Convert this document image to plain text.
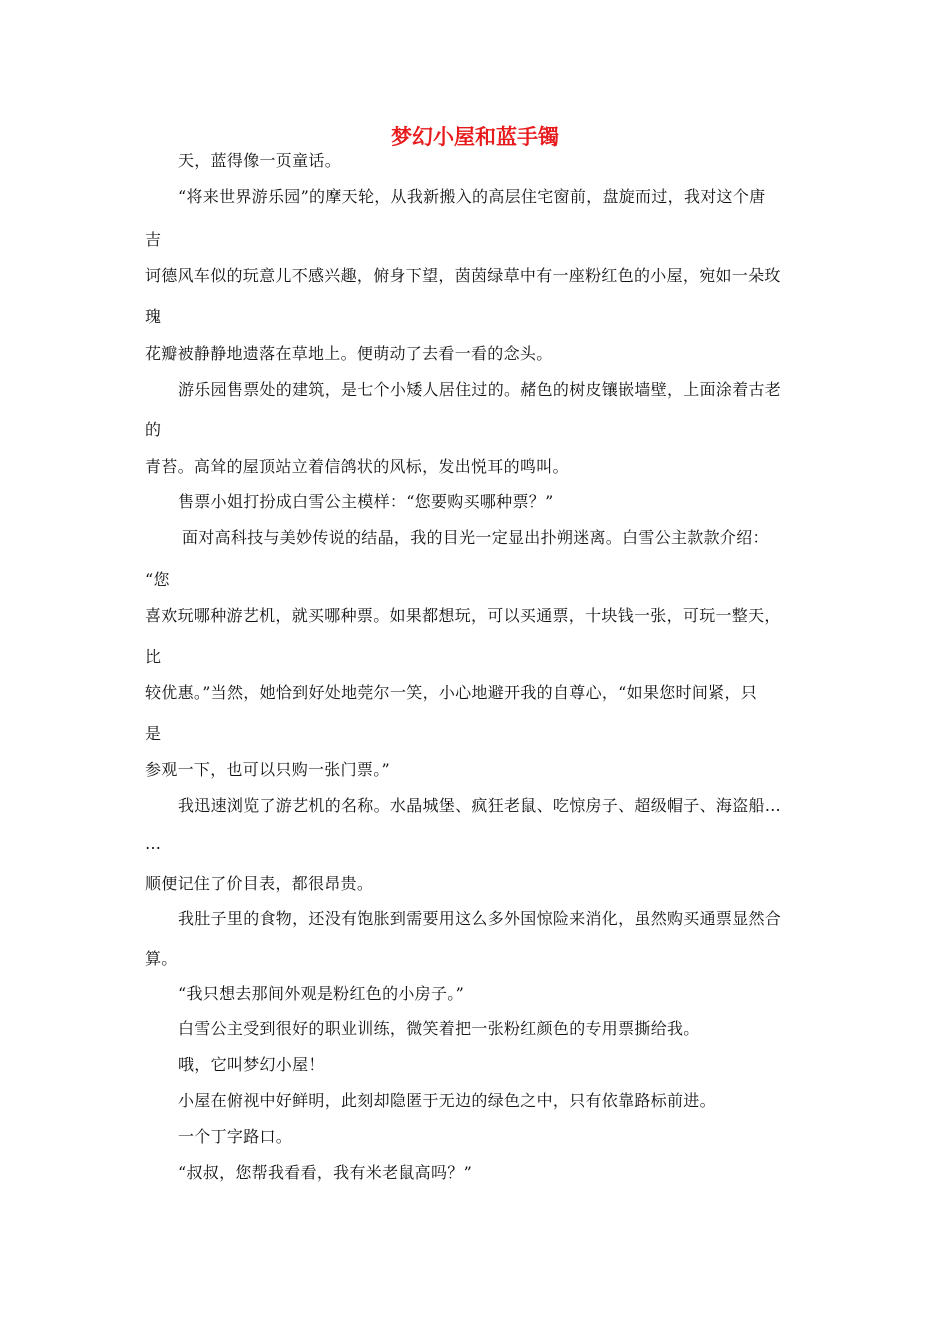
梦幻小屋和蓝手镯
天，蓝得像一页童话。
“将来世界游乐园”的摩天轮，从我新搬入的高层住宅窗前，盘旋而过，我对这个唐
吉
诃德风车似的玩意儿不感兴趣，俯身下望，茵茵绿草中有一座粉红色的小屋，宛如一朵玫
瑰
花瓣被静静地遗落在草地上。便萌动了去看一看的念头。
游乐园售票处的建筑，是七个小矮人居住过的。赭色的树皮镶嵌墙壁，上面涂着古老
的
青苔。高耸的屋顶站立着信鸽状的风标，发出悦耳的鸣叫。
售票小姐打扮成白雪公主模样：“您要购买哪种票？”
面对高科技与美妙传说的结晶，我的目光一定显出扑朔迷离。白雪公主款款介绍：
“您
喜欢玩哪种游艺机，就买哪种票。如果都想玩，可以买通票，十块钱一张，可玩一整天，
比
较优惠。”当然，她恰到好处地莞尔一笑，小心地避开我的自尊心，“如果您时间紧，只
是
参观一下，也可以只购一张门票。”
我迅速浏览了游艺机的名称。水晶城堡、疯狂老鼠、吃惊房子、超级帽子、海盗船…
…
顺便记住了价目表，都很昂贵。
我肚子里的食物，还没有饱胀到需要用这么多外国惊险来消化，虽然购买通票显然合
算。
“我只想去那间外观是粉红色的小房子。”
白雪公主受到很好的职业训练，微笑着把一张粉红颜色的专用票撕给我。
哦，它叫梦幻小屋！
小屋在俯视中好鲜明，此刻却隐匿于无边的绿色之中，只有依靠路标前进。
一个丁字路口。
“叔叔，您帮我看看，我有米老鼠高吗？”
